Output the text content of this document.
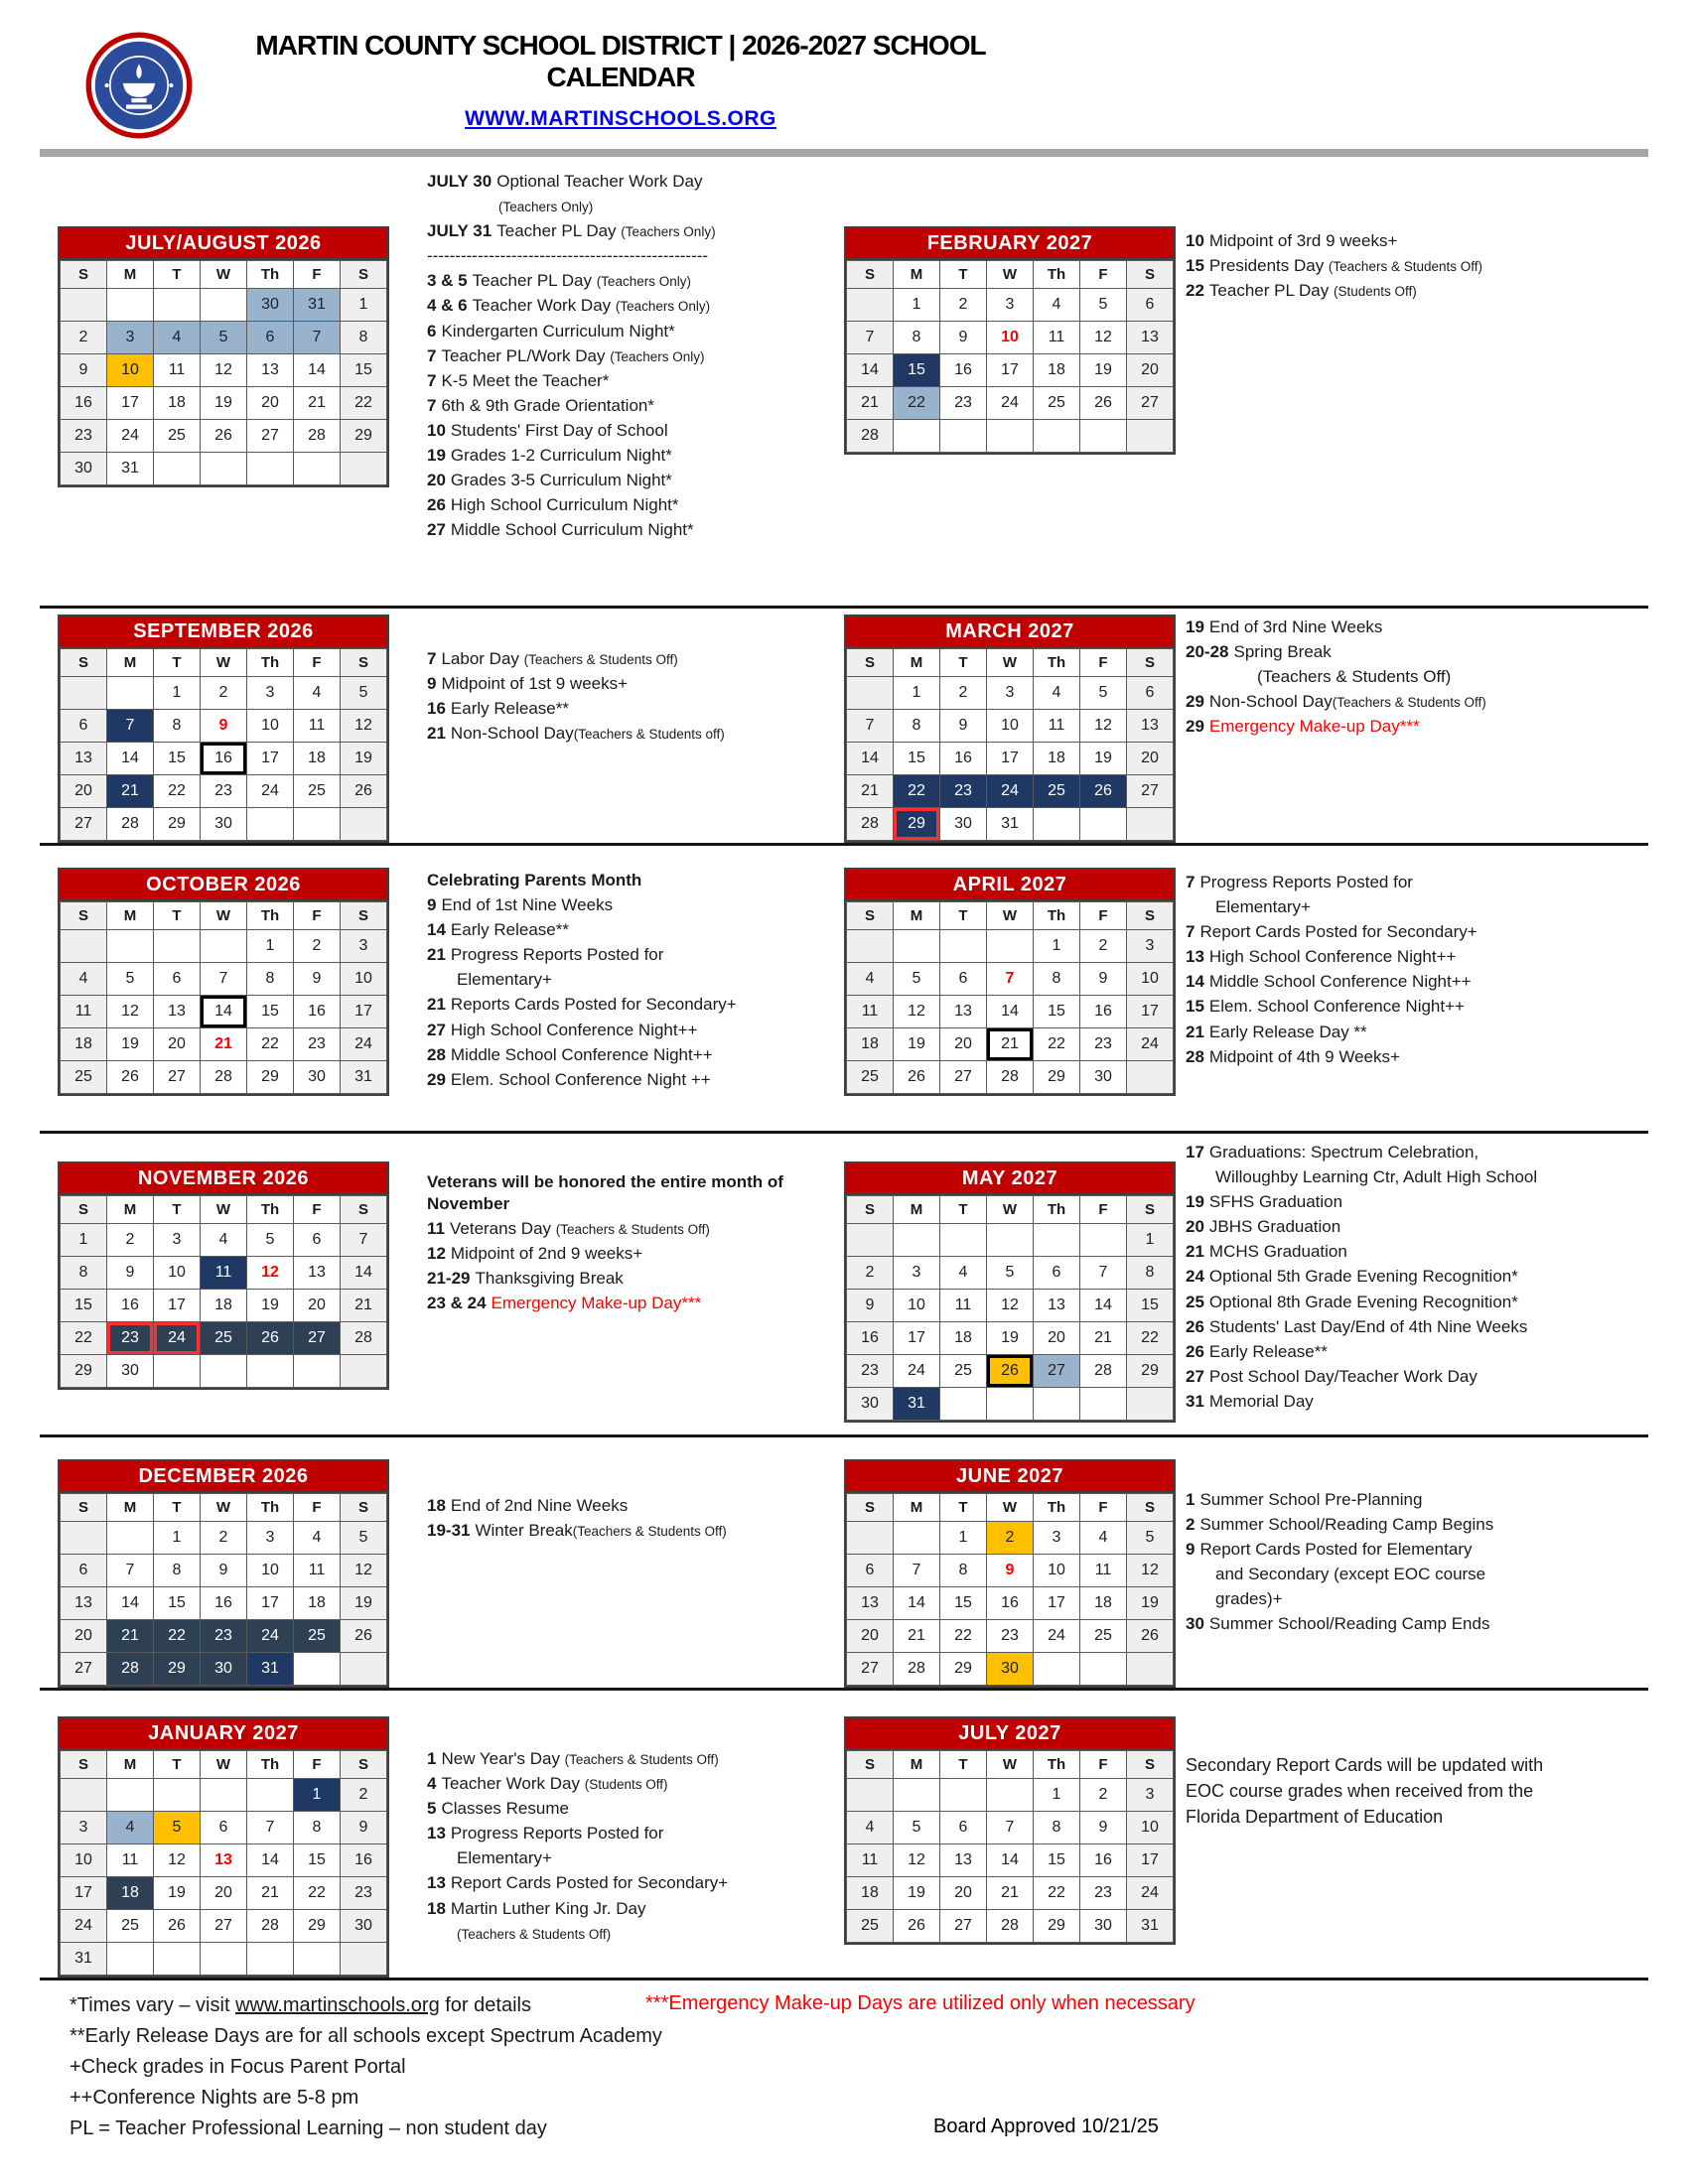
MARTIN COUNTY SCHOOL DISTRICT | 2026-2027 SCHOOL CALENDAR
WWW.MARTINSCHOOLS.ORG
JULY/AUGUST 2026
S	M	T	W	Th	F	S
				30	31	1
2	3	4	5	6	7	8
9	10	11	12	13	14	15
16	17	18	19	20	21	22
23	24	25	26	27	28	29
30	31					

JULY 30 Optional Teacher Work Day

(Teachers Only)

JULY 31 Teacher PL Day (Teachers Only)

--------------------------------------------------

3 & 5 Teacher PL Day (Teachers Only)

4 & 6 Teacher Work Day (Teachers Only)

6 Kindergarten Curriculum Night*

7 Teacher PL/Work Day (Teachers Only)

7 K-5 Meet the Teacher*

7 6th & 9th Grade Orientation*

10 Students' First Day of School

19 Grades 1-2 Curriculum Night*

20 Grades 3-5 Curriculum Night*

26 High School Curriculum Night*

27 Middle School Curriculum Night*

FEBRUARY 2027
S	M	T	W	Th	F	S
	1	2	3	4	5	6
7	8	9	10	11	12	13
14	15	16	17	18	19	20
21	22	23	24	25	26	27
28						

10 Midpoint of 3rd 9 weeks+

15 Presidents Day (Teachers & Students Off)

22 Teacher PL Day (Students Off)

SEPTEMBER 2026
S	M	T	W	Th	F	S
		1	2	3	4	5
6	7	8	9	10	11	12
13	14	15	16	17	18	19
20	21	22	23	24	25	26
27	28	29	30			

7 Labor Day (Teachers & Students Off)

9 Midpoint of 1st 9 weeks+

16 Early Release**

21 Non-School Day(Teachers & Students off)

MARCH 2027
S	M	T	W	Th	F	S
	1	2	3	4	5	6
7	8	9	10	11	12	13
14	15	16	17	18	19	20
21	22	23	24	25	26	27
28	29	30	31			

19 End of 3rd Nine Weeks

20-28 Spring Break

(Teachers & Students Off)

29 Non-School Day(Teachers & Students Off)

29 Emergency Make-up Day***

OCTOBER 2026
S	M	T	W	Th	F	S
				1	2	3
4	5	6	7	8	9	10
11	12	13	14	15	16	17
18	19	20	21	22	23	24
25	26	27	28	29	30	31

Celebrating Parents Month

9 End of 1st Nine Weeks

14 Early Release**

21 Progress Reports Posted for

Elementary+

21 Reports Cards Posted for Secondary+

27 High School Conference Night++

28 Middle School Conference Night++

29 Elem. School Conference Night ++

APRIL 2027
S	M	T	W	Th	F	S
				1	2	3
4	5	6	7	8	9	10
11	12	13	14	15	16	17
18	19	20	21	22	23	24
25	26	27	28	29	30	

7 Progress Reports Posted for

Elementary+

7 Report Cards Posted for Secondary+

13 High School Conference Night++

14 Middle School Conference Night++

15 Elem. School Conference Night++

21 Early Release Day **

28 Midpoint of 4th 9 Weeks+

NOVEMBER 2026
S	M	T	W	Th	F	S
1	2	3	4	5	6	7
8	9	10	11	12	13	14
15	16	17	18	19	20	21
22	23	24	25	26	27	28
29	30					

Veterans will be honored the entire month of November

11 Veterans Day (Teachers & Students Off)

12 Midpoint of 2nd 9 weeks+

21-29 Thanksgiving Break

23 & 24 Emergency Make-up Day***

MAY 2027
S	M	T	W	Th	F	S
						1
2	3	4	5	6	7	8
9	10	11	12	13	14	15
16	17	18	19	20	21	22
23	24	25	26	27	28	29
30	31					

17 Graduations: Spectrum Celebration,

Willoughby Learning Ctr, Adult High School

19 SFHS Graduation

20 JBHS Graduation

21 MCHS Graduation

24 Optional 5th Grade Evening Recognition*

25 Optional 8th Grade Evening Recognition*

26 Students' Last Day/End of 4th Nine Weeks

26 Early Release**

27 Post School Day/Teacher Work Day

31 Memorial Day

DECEMBER 2026
S	M	T	W	Th	F	S
		1	2	3	4	5
6	7	8	9	10	11	12
13	14	15	16	17	18	19
20	21	22	23	24	25	26
27	28	29	30	31		

18 End of 2nd Nine Weeks

19-31 Winter Break(Teachers & Students Off)

JUNE 2027
S	M	T	W	Th	F	S
		1	2	3	4	5
6	7	8	9	10	11	12
13	14	15	16	17	18	19
20	21	22	23	24	25	26
27	28	29	30			

1 Summer School Pre-Planning

2 Summer School/Reading Camp Begins

9 Report Cards Posted for Elementary

and Secondary (except EOC course

grades)+

30 Summer School/Reading Camp Ends

JANUARY 2027
S	M	T	W	Th	F	S
					1	2
3	4	5	6	7	8	9
10	11	12	13	14	15	16
17	18	19	20	21	22	23
24	25	26	27	28	29	30
31						

1 New Year's Day (Teachers & Students Off)

4 Teacher Work Day (Students Off)

5 Classes Resume

13 Progress Reports Posted for

Elementary+

13 Report Cards Posted for Secondary+

18 Martin Luther King Jr. Day

(Teachers & Students Off)

JULY 2027
S	M	T	W	Th	F	S
				1	2	3
4	5	6	7	8	9	10
11	12	13	14	15	16	17
18	19	20	21	22	23	24
25	26	27	28	29	30	31

Secondary Report Cards will be updated with EOC course grades when received from the Florida Department of Education

*Times vary – visit www.martinschools.org for details

**Early Release Days are for all schools except Spectrum Academy

+Check grades in Focus Parent Portal

++Conference Nights are 5-8 pm

PL = Teacher Professional Learning – non student day

***Emergency Make-up Days are utilized only when necessary
Board Approved 10/21/25
